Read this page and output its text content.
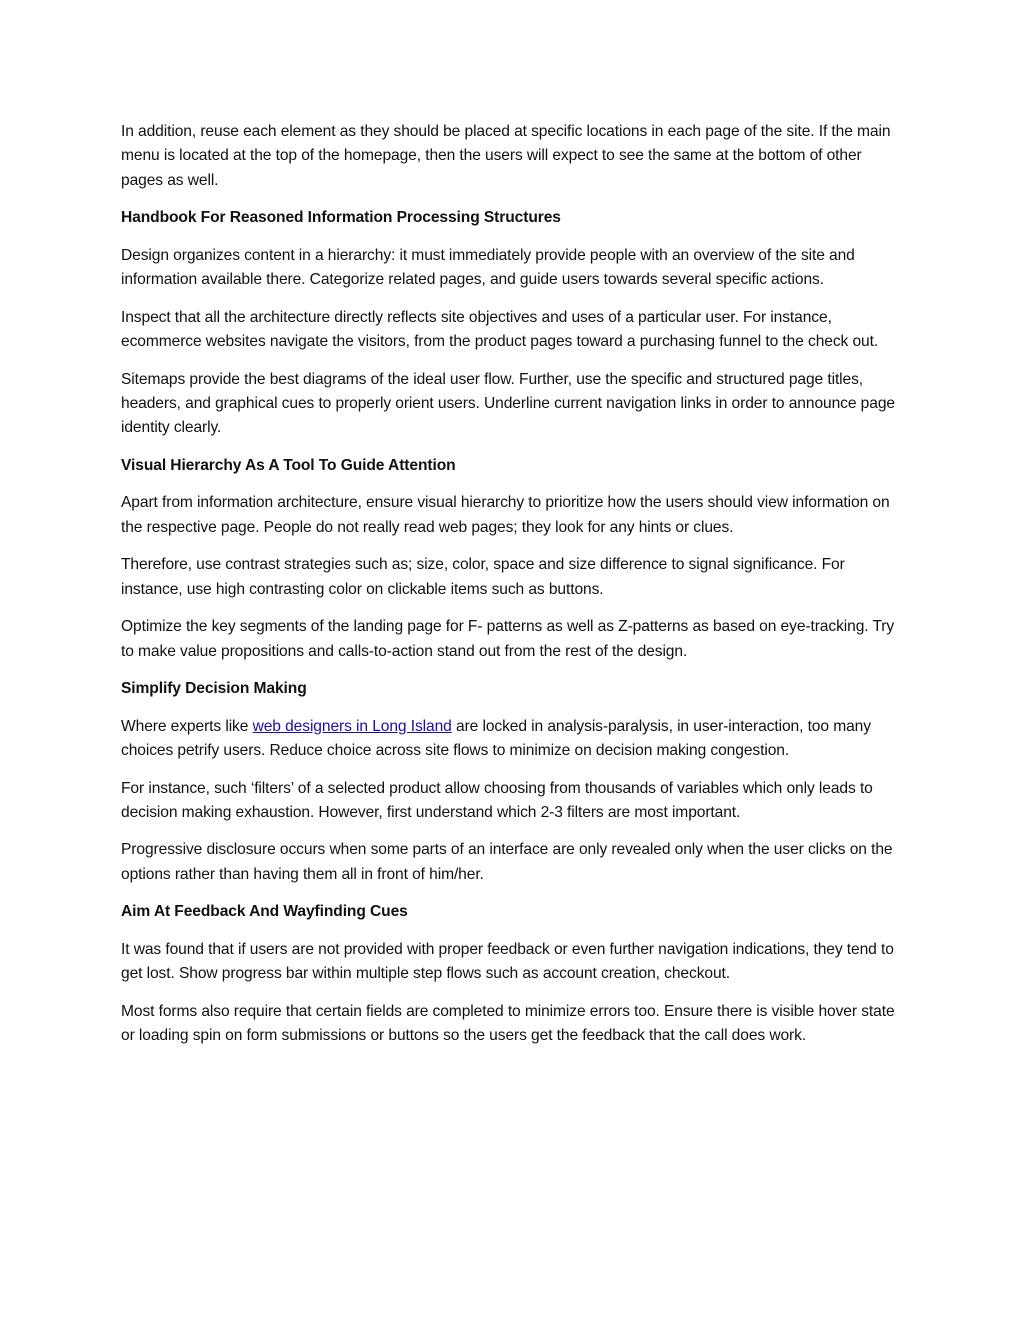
In addition, reuse each element as they should be placed at specific locations in each page of the site. If the main menu is located at the top of the homepage, then the users will expect to see the same at the bottom of other pages as well.

Handbook For Reasoned Information Processing Structures

Design organizes content in a hierarchy: it must immediately provide people with an overview of the site and information available there. Categorize related pages, and guide users towards several specific actions.

Inspect that all the architecture directly reflects site objectives and uses of a particular user. For instance, ecommerce websites navigate the visitors, from the product pages toward a purchasing funnel to the check out.

Sitemaps provide the best diagrams of the ideal user flow. Further, use the specific and structured page titles, headers, and graphical cues to properly orient users. Underline current navigation links in order to announce page identity clearly.

Visual Hierarchy As A Tool To Guide Attention

Apart from information architecture, ensure visual hierarchy to prioritize how the users should view information on the respective page. People do not really read web pages; they look for any hints or clues.

Therefore, use contrast strategies such as; size, color, space and size difference to signal significance. For instance, use high contrasting color on clickable items such as buttons.

Optimize the key segments of the landing page for F- patterns as well as Z-patterns as based on eye-tracking. Try to make value propositions and calls-to-action stand out from the rest of the design.

Simplify Decision Making

Where experts like web designers in Long Island are locked in analysis-paralysis, in user-interaction, too many choices petrify users. Reduce choice across site flows to minimize on decision making congestion.

For instance, such ‘filters’ of a selected product allow choosing from thousands of variables which only leads to decision making exhaustion. However, first understand which 2-3 filters are most important.

Progressive disclosure occurs when some parts of an interface are only revealed only when the user clicks on the options rather than having them all in front of him/her.

Aim At Feedback And Wayfinding Cues

It was found that if users are not provided with proper feedback or even further navigation indications, they tend to get lost. Show progress bar within multiple step flows such as account creation, checkout.

Most forms also require that certain fields are completed to minimize errors too. Ensure there is visible hover state or loading spin on form submissions or buttons so the users get the feedback that the call does work.
